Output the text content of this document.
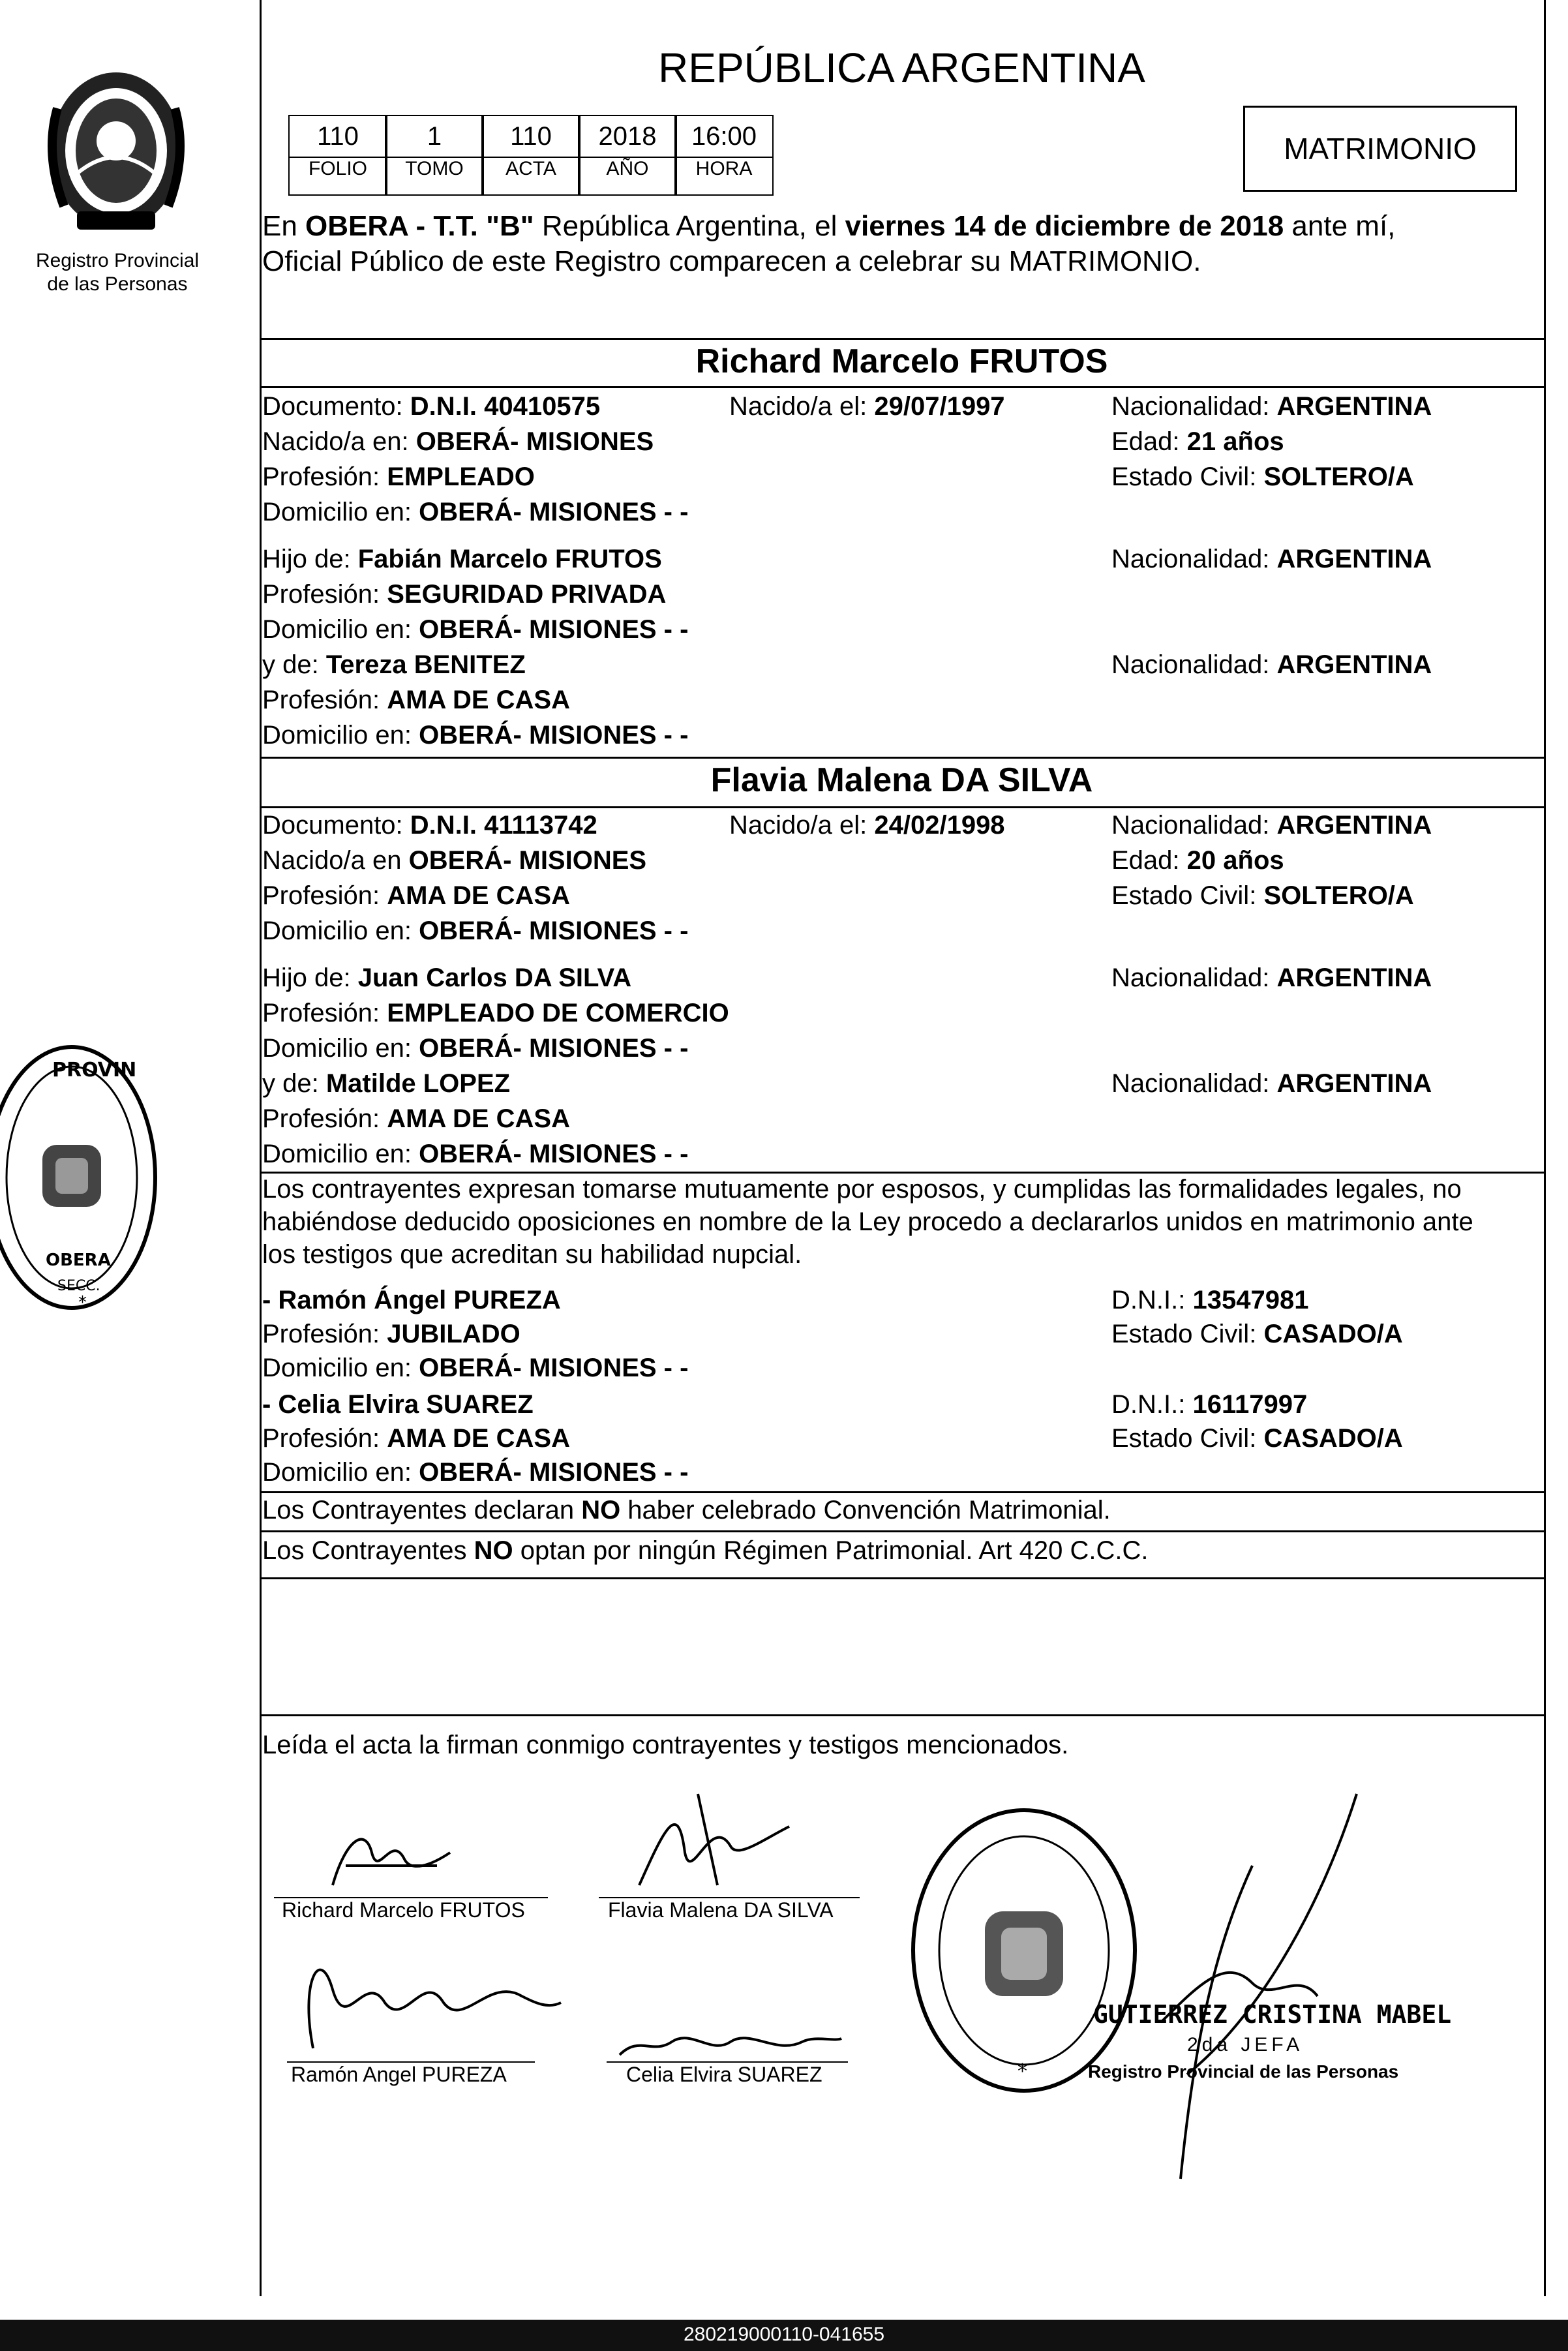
Registro Provincial
de las Personas
REPÚBLICA ARGENTINA
110
FOLIO
1
TOMO
110
ACTA
2018
AÑO
16:00
HORA
MATRIMONIO
En OBERA - T.T. "B" República Argentina, el viernes 14 de diciembre de 2018 ante mí,
Oficial Público de este Registro comparecen a celebrar su MATRIMONIO.
Richard Marcelo FRUTOS
Documento: D.N.I. 40410575	Nacido/a el: 29/07/1997	Nacionalidad: ARGENTINA
Nacido/a en: OBERÁ- MISIONES	Edad: 21 años
Profesión: EMPLEADO	Estado Civil: SOLTERO/A
Domicilio en: OBERÁ- MISIONES - -
Hijo de: Fabián Marcelo FRUTOS	Nacionalidad: ARGENTINA
Profesión: SEGURIDAD PRIVADA
Domicilio en: OBERÁ- MISIONES - -
y de: Tereza BENITEZ	Nacionalidad: ARGENTINA
Profesión: AMA DE CASA
Domicilio en: OBERÁ- MISIONES - -
Flavia Malena DA SILVA
Documento: D.N.I. 41113742	Nacido/a el: 24/02/1998	Nacionalidad: ARGENTINA
Nacido/a en OBERÁ- MISIONES	Edad: 20 años
Profesión: AMA DE CASA	Estado Civil: SOLTERO/A
Domicilio en: OBERÁ- MISIONES - -
Hijo de: Juan Carlos DA SILVA	Nacionalidad: ARGENTINA
Profesión: EMPLEADO DE COMERCIO
Domicilio en: OBERÁ- MISIONES - -
y de: Matilde LOPEZ	Nacionalidad: ARGENTINA
Profesión: AMA DE CASA
Domicilio en: OBERÁ- MISIONES - -
PROVIN
OBERA
SECC.
*
Los contrayentes expresan tomarse mutuamente por esposos, y cumplidas las formalidades legales, no
habiéndose deducido oposiciones en nombre de la Ley procedo a declararlos unidos en matrimonio ante
los testigos que acreditan su habilidad nupcial.
- Ramón Ángel PUREZA	D.N.I.: 13547981
Profesión: JUBILADO	Estado Civil: CASADO/A
Domicilio en: OBERÁ- MISIONES - -
- Celia Elvira SUAREZ	D.N.I.: 16117997
Profesión: AMA DE CASA	Estado Civil: CASADO/A
Domicilio en: OBERÁ- MISIONES - -
Los Contrayentes declaran NO haber celebrado Convención Matrimonial.
Los Contrayentes NO optan por ningún Régimen Patrimonial. Art 420 C.C.C.
Leída el acta la firman conmigo contrayentes y testigos mencionados.
Richard Marcelo FRUTOS	Flavia Malena DA SILVA
Ramón Angel PUREZA	Celia Elvira SUAREZ	*
GUTIERREZ CRISTINA MABEL
2da JEFA
Registro Provincial de las Personas
280219000110-041655
